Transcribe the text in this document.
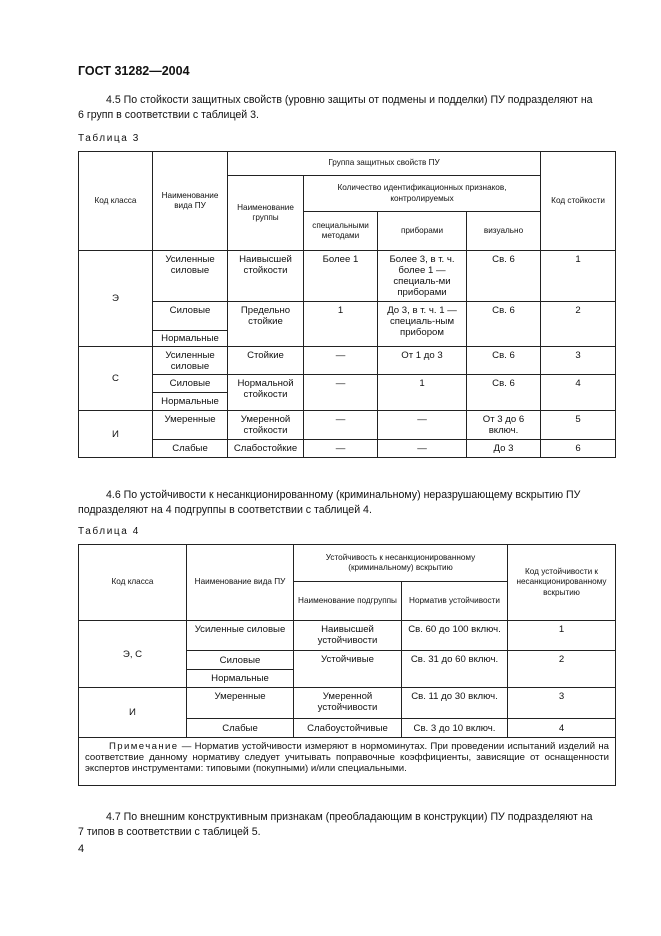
ГОСТ 31282—2004
4.5 По стойкости защитных свойств (уровню защиты от подмены и подделки) ПУ подразделяют на
6 групп в соответствии с таблицей 3.
Таблица 3
Код класса	Наименование вида ПУ	Группа защитных свойств ПУ				Код стойкости
		Наименование группы	Количество идентификационных признаков, контролируемых			
			специальными методами	приборами	визуально	
Э	Усиленные силовые	Наивысшей стойкости	Более 1	Более 3, в т. ч. более 1 — специаль-ми приборами	Св. 6	1
	Силовые	Предельно стойкие	1	До 3, в т. ч. 1 — специаль-ным прибором	Св. 6	2
	Нормальные					
С	Усиленные силовые	Стойкие	—	От 1 до 3	Св. 6	3
	Силовые	Нормальной стойкости	—	1	Св. 6	4
	Нормальные					
И	Умеренные	Умеренной стойкости	—	—	От 3 до 6 включ.	5
	Слабые	Слабостойкие	—	—	До 3	6
4.6 По устойчивости к несанкционированному (криминальному) неразрушающему вскрытию ПУ
подразделяют на 4 подгруппы в соответствии с таблицей 4.
Таблица 4
Код класса	Наименование вида ПУ	Устойчивость к несанкционированному (криминальному) вскрытию		Код устойчивости к несанкционированному вскрытию
		Наименование подгруппы	Норматив устойчивости	
Э, С	Усиленные силовые	Наивысшей устойчивости	Св. 60 до 100 включ.	1
	Силовые	Устойчивые	Св. 31 до 60 включ.	2
	Нормальные			
И	Умеренные	Умеренной устойчивости	Св. 11 до 30 включ.	3
	Слабые	Слабоустойчивые	Св. 3 до 10 включ.	4
Примечание — Норматив устойчивости измеряют в нормоминутах. При проведении испытаний изделий на соответствие данному нормативу следует учитывать поправочные коэффициенты, зависящие от оснащенности экспертов инструментами: типовыми (покупными) и/или специальными.				
4.7 По внешним конструктивным признакам (преобладающим в конструкции) ПУ подразделяют на
7 типов в соответствии с таблицей 5.
4
